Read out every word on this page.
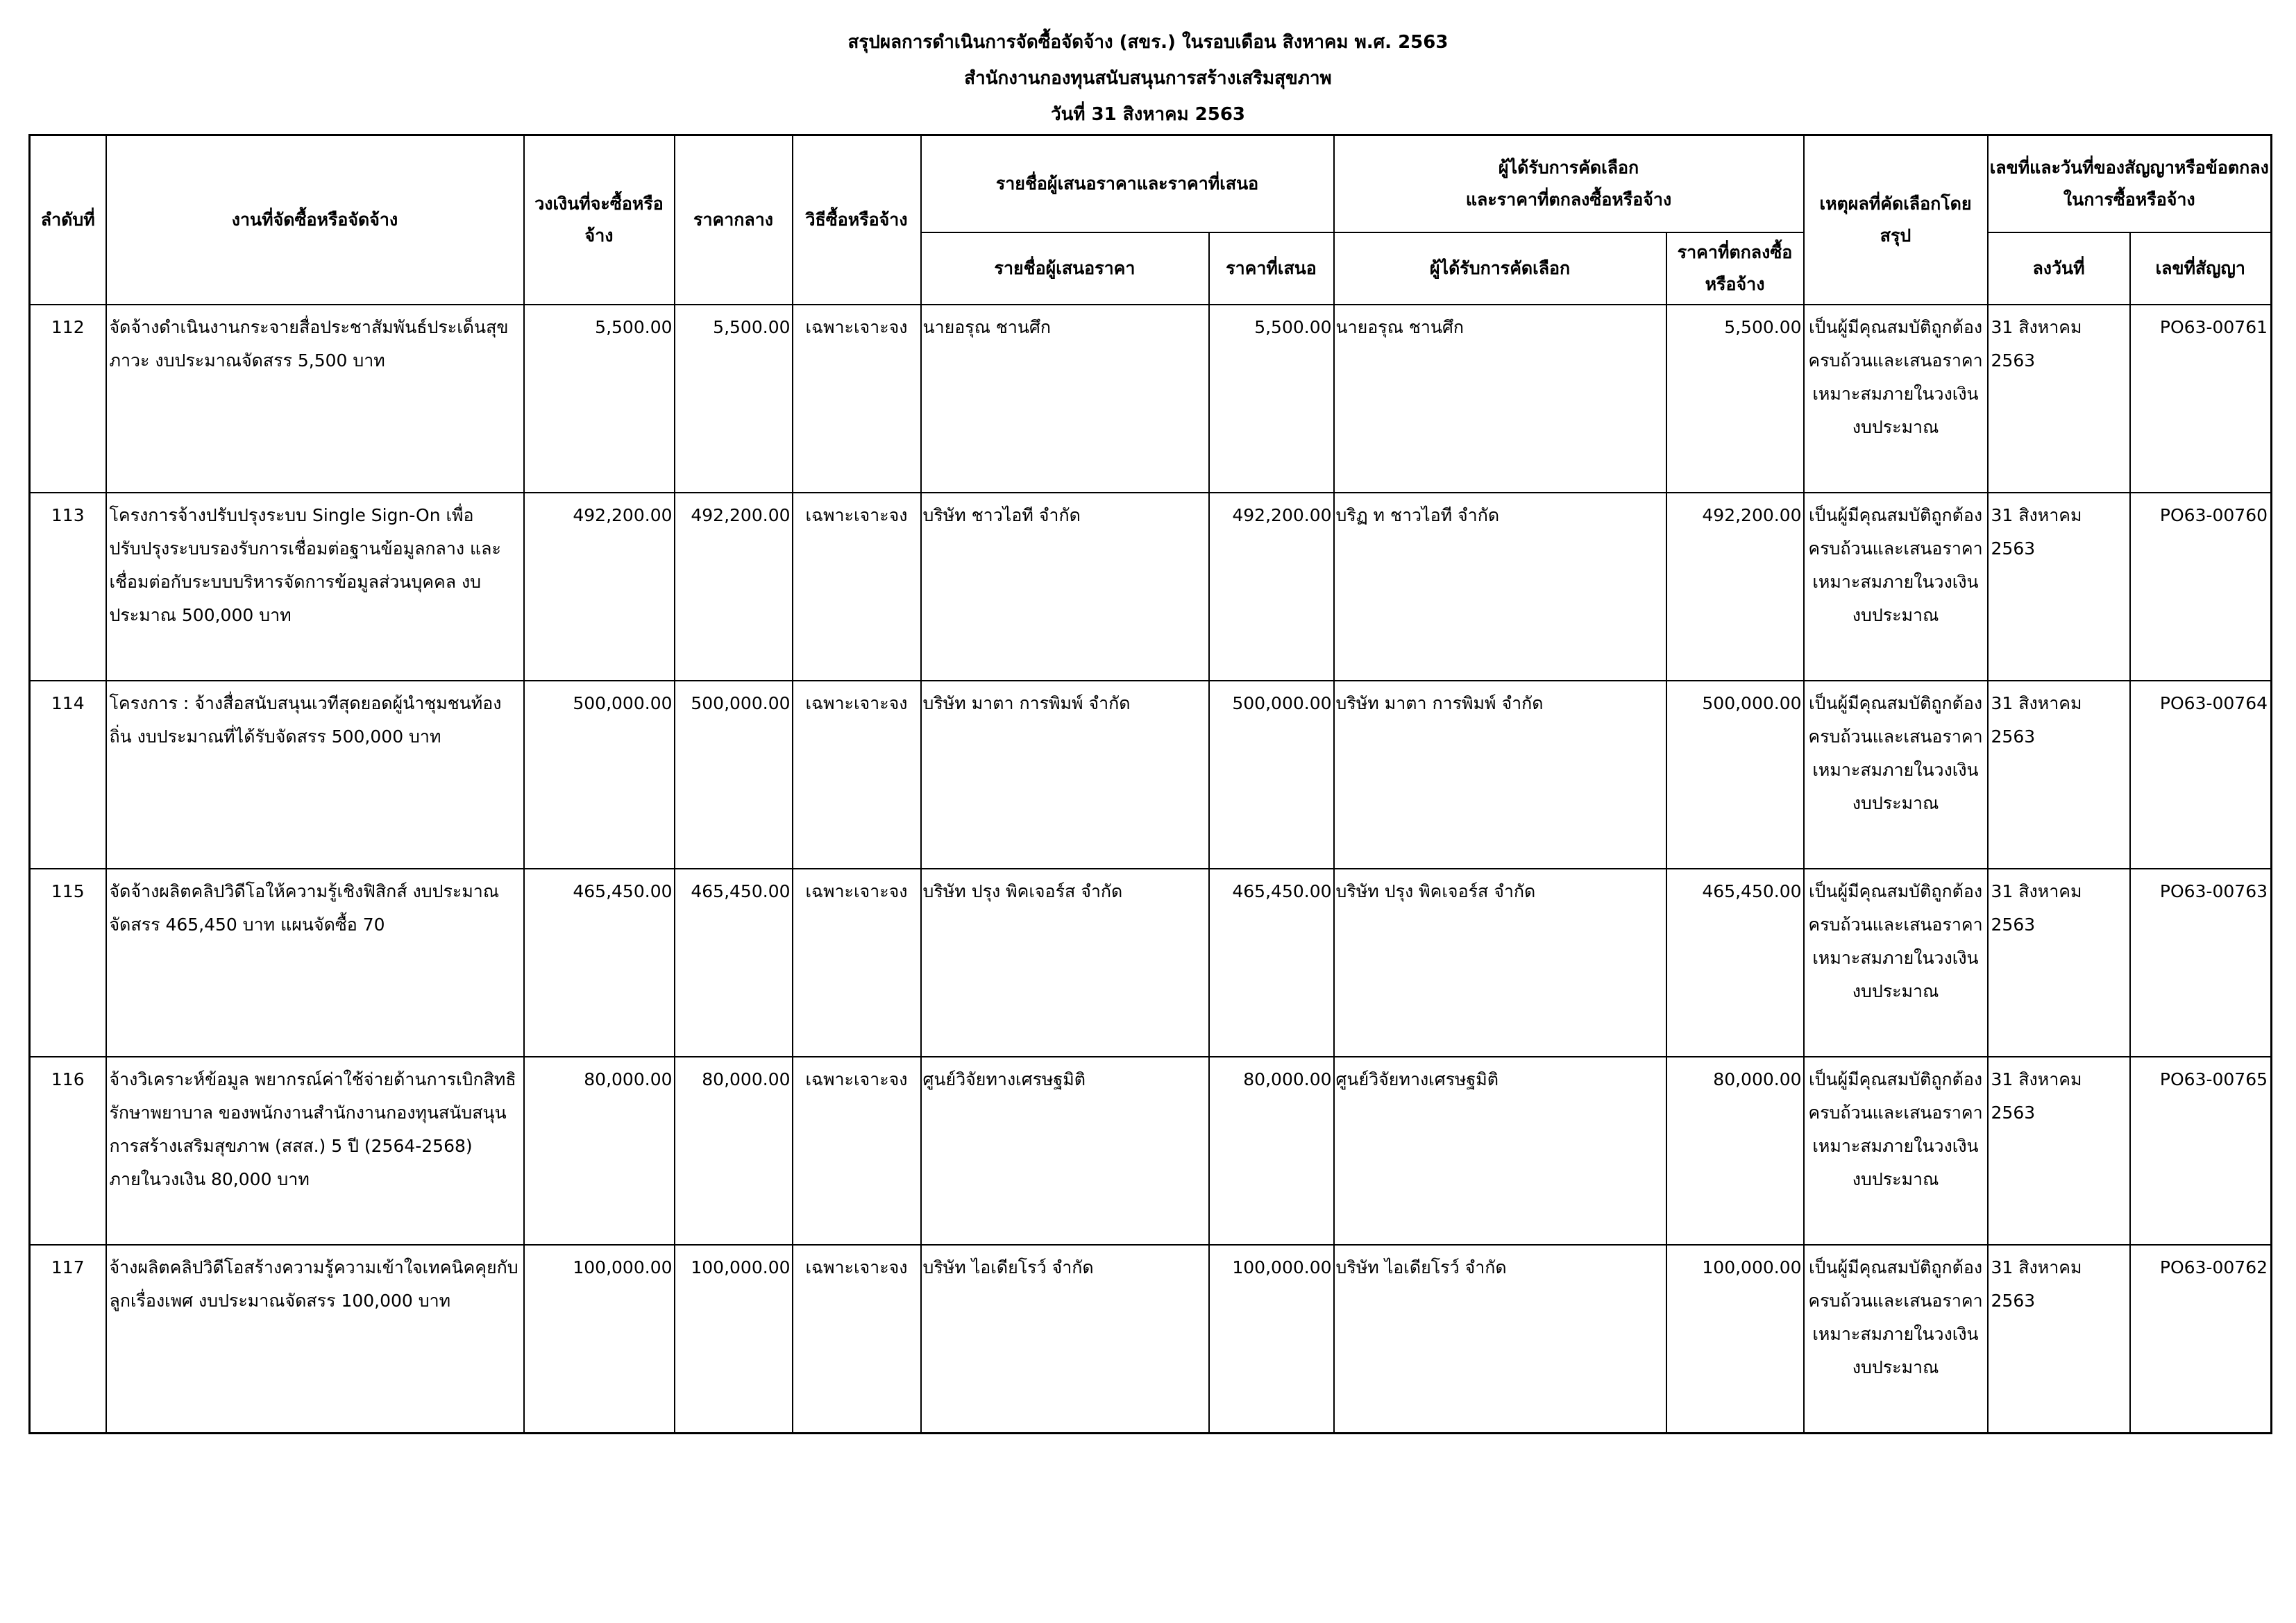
สรุปผลการดำเนินการจัดซื้อจัดจ้าง (สขร.) ในรอบเดือน สิงหาคม พ.ศ. 2563
สำนักงานกองทุนสนับสนุนการสร้างเสริมสุขภาพ
วันที่ 31 สิงหาคม 2563
ลำดับที่	งานที่จัดซื้อหรือจัดจ้าง	วงเงินที่จะซื้อหรือจ้าง	ราคากลาง	วิธีซื้อหรือจ้าง	รายชื่อผู้เสนอราคาและราคาที่เสนอ		ผู้ได้รับการคัดเลือก
และราคาที่ตกลงซื้อหรือจ้าง		เหตุผลที่คัดเลือกโดยสรุป	เลขที่และวันที่ของสัญญาหรือข้อตกลงในการซื้อหรือจ้าง	
					รายชื่อผู้เสนอราคา	ราคาที่เสนอ	ผู้ได้รับการคัดเลือก	ราคาที่ตกลงซื้อหรือจ้าง		ลงวันที่	เลขที่สัญญา
112	จัดจ้างดำเนินงานกระจายสื่อประชาสัมพันธ์ประเด็นสุขภาวะ งบประมาณจัดสรร 5,500 บาท	5,500.00	5,500.00	เฉพาะเจาะจง	นายอรุณ ชานศึก	5,500.00	นายอรุณ ชานศึก	5,500.00	เป็นผู้มีคุณสมบัติถูกต้องครบถ้วนและเสนอราคาเหมาะสมภายในวงเงินงบประมาณ	31 สิงหาคม 2563	PO63-00761
113	โครงการจ้างปรับปรุงระบบ Single Sign-On เพื่อปรับปรุงระบบรองรับการเชื่อมต่อฐานข้อมูลกลาง และเชื่อมต่อกับระบบบริหารจัดการข้อมูลส่วนบุคคล งบประมาณ 500,000 บาท	492,200.00	492,200.00	เฉพาะเจาะจง	บริษัท ชาวไอที จำกัด	492,200.00	บริฏ ท ชาวไอที จำกัด	492,200.00	เป็นผู้มีคุณสมบัติถูกต้องครบถ้วนและเสนอราคาเหมาะสมภายในวงเงินงบประมาณ	31 สิงหาคม 2563	PO63-00760
114	โครงการ : จ้างสื่อสนับสนุนเวทีสุดยอดผู้นำชุมชนท้องถิ่น งบประมาณที่ได้รับจัดสรร 500,000 บาท	500,000.00	500,000.00	เฉพาะเจาะจง	บริษัท มาตา การพิมพ์ จำกัด	500,000.00	บริษัท มาตา การพิมพ์ จำกัด	500,000.00	เป็นผู้มีคุณสมบัติถูกต้องครบถ้วนและเสนอราคาเหมาะสมภายในวงเงินงบประมาณ	31 สิงหาคม 2563	PO63-00764
115	จัดจ้างผลิตคลิปวิดีโอให้ความรู้เชิงฟิสิกส์ งบประมาณจัดสรร 465,450 บาท แผนจัดซื้อ 70	465,450.00	465,450.00	เฉพาะเจาะจง	บริษัท ปรุง พิคเจอร์ส จำกัด	465,450.00	บริษัท ปรุง พิคเจอร์ส จำกัด	465,450.00	เป็นผู้มีคุณสมบัติถูกต้องครบถ้วนและเสนอราคาเหมาะสมภายในวงเงินงบประมาณ	31 สิงหาคม 2563	PO63-00763
116	จ้างวิเคราะห์ข้อมูล พยากรณ์ค่าใช้จ่ายด้านการเบิกสิทธิรักษาพยาบาล ของพนักงานสำนักงานกองทุนสนับสนุนการสร้างเสริมสุขภาพ (สสส.) 5 ปี (2564-2568) ภายในวงเงิน 80,000 บาท	80,000.00	80,000.00	เฉพาะเจาะจง	ศูนย์วิจัยทางเศรษฐมิติ	80,000.00	ศูนย์วิจัยทางเศรษฐมิติ	80,000.00	เป็นผู้มีคุณสมบัติถูกต้องครบถ้วนและเสนอราคาเหมาะสมภายในวงเงินงบประมาณ	31 สิงหาคม 2563	PO63-00765
117	จ้างผลิตคลิปวิดีโอสร้างความรู้ความเข้าใจเทคนิคคุยกับลูกเรื่องเพศ งบประมาณจัดสรร 100,000 บาท	100,000.00	100,000.00	เฉพาะเจาะจง	บริษัท ไอเดียโรว์ จำกัด	100,000.00	บริษัท ไอเดียโรว์ จำกัด	100,000.00	เป็นผู้มีคุณสมบัติถูกต้องครบถ้วนและเสนอราคาเหมาะสมภายในวงเงินงบประมาณ	31 สิงหาคม 2563	PO63-00762
